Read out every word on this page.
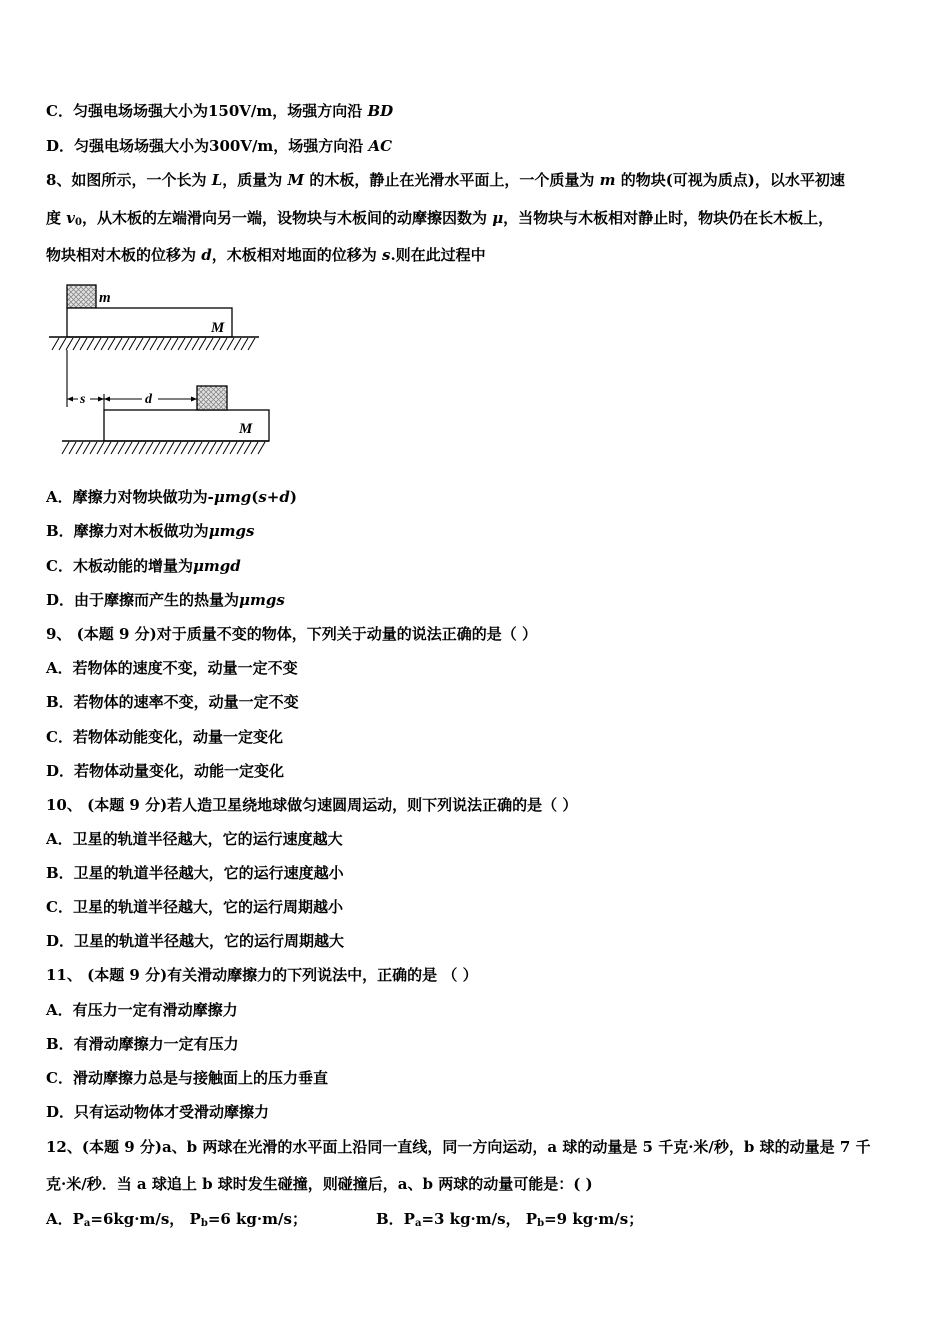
C．匀强电场场强大小为150V/m，场强方向沿 BD
D．匀强电场场强大小为300V/m，场强方向沿 AC
8、如图所示，一个长为 L，质量为 M 的木板，静止在光滑水平面上，一个质量为 m 的物块(可视为质点)，以水平初速
度 $v_0$，从木板的左端滑向另一端，设物块与木板间的动摩擦因数为 μ，当物块与木板相对静止时，物块仍在长木板上，
物块相对木板的位移为 d，木板相对地面的位移为 s.则在此过程中
m
M
M
s	d
A．摩擦力对物块做功为-μmg(s+d)
B．摩擦力对木板做功为μmgs
C．木板动能的增量为μmgd
D．由于摩擦而产生的热量为μmgs
9、 (本题 9 分)对于质量不变的物体，下列关于动量的说法正确的是（ ）
A．若物体的速度不变，动量一定不变
B．若物体的速率不变，动量一定不变
C．若物体动能变化，动量一定变化
D．若物体动量变化，动能一定变化
10、 (本题 9 分)若人造卫星绕地球做匀速圆周运动，则下列说法正确的是（ ）
A．卫星的轨道半径越大，它的运行速度越大
B．卫星的轨道半径越大，它的运行速度越小
C．卫星的轨道半径越大，它的运行周期越小
D．卫星的轨道半径越大，它的运行周期越大
11、 (本题 9 分)有关滑动摩擦力的下列说法中，正确的是 （ ）
A．有压力一定有滑动摩擦力
B．有滑动摩擦力一定有压力
C．滑动摩擦力总是与接触面上的压力垂直
D．只有运动物体才受滑动摩擦力
12、(本题 9 分)a、b 两球在光滑的水平面上沿同一直线，同一方向运动，a 球的动量是 5 千克·米/秒，b 球的动量是 7 千
克·米/秒．当 a 球追上 b 球时发生碰撞，则碰撞后，a、b 两球的动量可能是：( )
A．$P_a=6kg\cdot m/s$， $P_b=6$ kg·m/s；	B．$P_a=3$ kg·m/s， $P_b=9$ kg·m/s；
